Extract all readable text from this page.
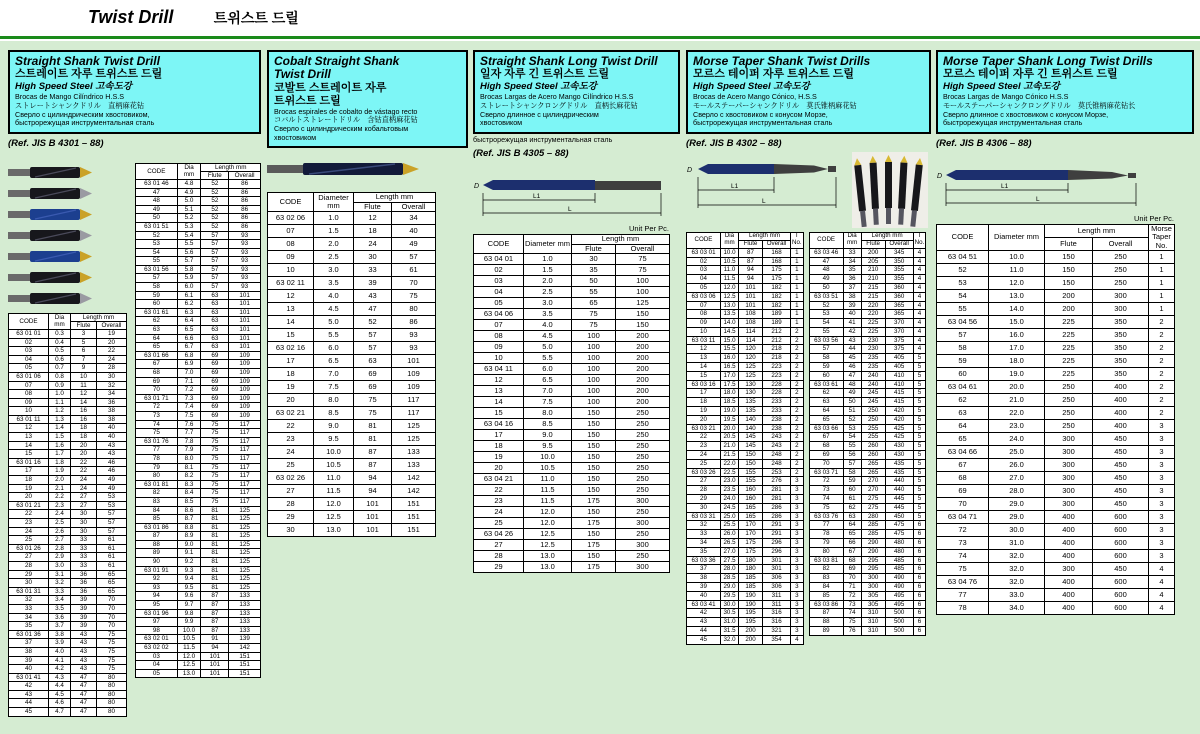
Twist Drill	트위스트 드릴
Straight Shank Twist Drill
스트레이트 자루 트위스트 드릴
High Speed Steel 고속도강
Brocas de Mango Cilíndrico H.S.S
ストレートシャンクドリル　直柄麻花钻
Сверло с цилиндрическим хвостовиком,
быстрорежущая инструментальная сталь
(Ref. JIS B 4301 – 88)
CODE	Dia mm	Length mm	
		Flute	Overall
63 01 46	4.8	52	86
47	4.9	52	86
48	5.0	52	86
49	5.1	52	86
50	5.2	52	86
63 01 51	5.3	52	86
52	5.4	57	93
53	5.5	57	93
54	5.6	57	93
55	5.7	57	93
63 01 56	5.8	57	93
57	5.9	57	93
58	6.0	57	93
59	6.1	63	101
60	6.2	63	101
63 01 61	6.3	63	101
62	6.4	63	101
63	6.5	63	101
64	6.6	63	101
65	6.7	63	101
63 01 66	6.8	69	109
67	6.9	69	109
68	7.0	69	109
69	7.1	69	109
70	7.2	69	109
63 01 71	7.3	69	109
72	7.4	69	109
73	7.5	69	109
74	7.6	75	117
75	7.7	75	117
63 01 76	7.8	75	117
77	7.9	75	117
78	8.0	75	117
79	8.1	75	117
80	8.2	75	117
63 01 81	8.3	75	117
82	8.4	75	117
83	8.5	75	117
84	8.6	81	125
85	8.7	81	125
63 01 86	8.8	81	125
87	8.9	81	125
88	9.0	81	125
89	9.1	81	125
90	9.2	81	125
63 01 91	9.3	81	125
92	9.4	81	125
93	9.5	81	125
94	9.6	87	133
95	9.7	87	133
63 01 96	9.8	87	133
97	9.9	87	133
98	10.0	87	133
63 02 01	10.5	91	139
63 02 02	11.5	94	142
03	12.0	101	151
04	12.5	101	151
05	13.0	101	151
CODE	Dia mm	Length mm	
		Flute	Overall
63 01 01	0.3	3	19
02	0.4	5	20
03	0.5	6	22
04	0.6	7	24
05	0.7	9	28
63 01 06	0.8	10	30
07	0.9	11	32
08	1.0	12	34
09	1.1	14	36
10	1.2	16	38
63 01 11	1.3	16	38
12	1.4	18	40
13	1.5	18	40
14	1.6	20	43
15	1.7	20	43
63 01 16	1.8	22	46
17	1.9	22	46
18	2.0	24	49
19	2.1	24	49
20	2.2	27	53
63 01 21	2.3	27	53
22	2.4	30	57
23	2.5	30	57
24	2.6	30	57
25	2.7	33	61
63 01 26	2.8	33	61
27	2.9	33	61
28	3.0	33	61
29	3.1	36	65
30	3.2	36	65
63 01 31	3.3	36	65
32	3.4	39	70
33	3.5	39	70
34	3.6	39	70
35	3.7	39	70
63 01 36	3.8	43	75
37	3.9	43	75
38	4.0	43	75
39	4.1	43	75
40	4.2	43	75
63 01 41	4.3	47	80
42	4.4	47	80
43	4.5	47	80
44	4.6	47	80
45	4.7	47	80
Cobalt Straight Shank
Twist Drill
코발트 스트레이트 자루
트위스트 드릴
Brocas espirales de cobalto de vástago recto
コバルトストレートドリル　含钴直柄麻花钻
Сверло с цилиндрическим кобальтовым
хвостовиком
CODE	Diameter mm	Length mm	
		Flute	Overall
63 02 06	1.0	12	34
07	1.5	18	40
08	2.0	24	49
09	2.5	30	57
10	3.0	33	61
63 02 11	3.5	39	70
12	4.0	43	75
13	4.5	47	80
14	5.0	52	86
15	5.5	57	93
63 02 16	6.0	57	93
17	6.5	63	101
18	7.0	69	109
19	7.5	69	109
20	8.0	75	117
63 02 21	8.5	75	117
22	9.0	81	125
23	9.5	81	125
24	10.0	87	133
25	10.5	87	133
63 02 26	11.0	94	142
27	11.5	94	142
28	12.0	101	151
29	12.5	101	151
30	13.0	101	151
Straight Shank Long Twist Drill
일자 자루 긴 트위스트 드릴
High Speed Steel 고속도강
Brocas Largas de Acero Mango Cilíndrico H.S.S
ストレートシャンクロングドリル　直柄长麻花钻
Сверло длинное с цилиндрическим
хвостовиком
быстрорежущая инструментальная сталь
(Ref. JIS B 4305 – 88)
D
L1
L
Unit Per Pc.
CODE	Diameter mm	Length mm	
		Flute	Overall
63 04 01	1.0	30	75
02	1.5	35	75
03	2.0	50	100
04	2.5	55	100
05	3.0	65	125
63 04 06	3.5	75	150
07	4.0	75	150
08	4.5	100	200
09	5.0	100	200
10	5.5	100	200
63 04 11	6.0	100	200
12	6.5	100	200
13	7.0	100	200
14	7.5	100	200
15	8.0	150	250
63 04 16	8.5	150	250
17	9.0	150	250
18	9.5	150	250
19	10.0	150	250
20	10.5	150	250
63 04 21	11.0	150	250
22	11.5	150	250
23	11.5	175	300
24	12.0	150	250
25	12.0	175	300
63 04 26	12.5	150	250
27	12.5	175	300
28	13.0	150	250
29	13.0	175	300
Morse Taper Shank Twist Drills
모르스 테이퍼 자루 트위스트 드릴
High Speed Steel 고속도강
Brocas de Acero Mango Cónico, H.S.S
モールステーパーシャンクドリル　莫氏锥柄麻花钻
Сверло с хвостовиком с конусом Морзе,
быстрорежущая инструментальная сталь
(Ref. JIS B 4302 – 88)
D
L1
L
CODE	Dia mm	Length mm		T No.
		Flute	Overall	
63 03 01	10.0	87	168	1
02	10.5	87	168	1
03	11.0	94	175	1
04	11.5	94	175	1
05	12.0	101	182	1
63 03 06	12.5	101	182	1
07	13.0	101	182	1
08	13.5	108	189	1
09	14.0	108	189	1
10	14.5	114	212	2
63 03 11	15.0	114	212	2
12	15.5	120	218	2
13	16.0	120	218	2
14	16.5	125	223	2
15	17.0	125	223	2
63 03 16	17.5	130	228	2
17	18.0	130	228	2
18	18.5	135	233	2
19	19.0	135	233	2
20	19.5	140	238	2
63 03 21	20.0	140	238	2
22	20.5	145	243	2
23	21.0	145	243	2
24	21.5	150	248	2
25	22.0	150	248	2
63 03 26	22.5	155	253	2
27	23.0	155	276	3
28	23.5	160	281	3
29	24.0	160	281	3
30	24.5	165	286	3
63 03 31	25.0	165	286	3
32	25.5	170	291	3
33	26.0	170	291	3
34	26.5	175	296	3
35	27.0	175	296	3
63 03 36	27.5	180	301	3
37	28.0	180	301	3
38	28.5	185	306	3
39	29.0	185	306	3
40	29.5	190	311	3
63 03 41	30.0	190	311	3
42	30.5	195	316	3
43	31.0	195	316	3
44	31.5	200	321	3
45	32.0	200	354	4
CODE	Dia mm	Length mm		T No.
		Flute	Overall	
63 03 46	33	200	345	4
47	34	205	350	4
48	35	210	355	4
49	36	210	355	4
50	37	215	360	4
63 03 51	38	215	360	4
52	39	220	365	4
53	40	220	365	4
54	41	225	370	4
55	42	225	370	4
63 03 56	43	230	375	4
57	44	230	375	4
58	45	235	405	5
59	46	235	405	5
60	47	240	410	5
63 03 61	48	240	410	5
62	49	245	415	5
63	50	245	415	5
64	51	250	420	5
65	52	250	420	5
63 03 66	53	255	425	5
67	54	255	425	5
68	55	260	430	5
69	56	260	430	5
70	57	265	435	5
63 03 71	58	265	435	5
72	59	270	440	5
73	60	270	440	5
74	61	275	445	5
75	62	275	445	5
63 03 76	63	280	450	5
77	64	285	475	6
78	65	285	475	6
79	66	290	480	6
80	67	290	480	6
63 03 81	68	295	485	6
82	69	295	485	6
83	70	300	490	6
84	71	300	490	6
85	72	305	495	6
63 03 86	73	305	495	6
87	74	310	500	6
88	75	310	500	6
89	76	310	500	6
Morse Taper Shank Long Twist Drills
모르스 테이퍼 자루 긴 트위스트 드릴
High Speed Steel 고속도강
Brocas Largas de Mango Cónico H.S.S
モールステーパーシャンクロングドリル　莫氏锥柄麻花钻长
Сверло длинное с хвостовиком с конусом Морзе,
быстрорежущая инструментальная сталь
(Ref. JIS B 4306 – 88)
D
L1
L
Unit Per Pc.
CODE	Diameter mm	Length mm		Morse Taper No.
		Flute	Overall	
63 04 51	10.0	150	250	1
52	11.0	150	250	1
53	12.0	150	250	1
54	13.0	200	300	1
55	14.0	200	300	1
63 04 56	15.0	225	350	2
57	16.0	225	350	2
58	17.0	225	350	2
59	18.0	225	350	2
60	19.0	225	350	2
63 04 61	20.0	250	400	2
62	21.0	250	400	2
63	22.0	250	400	2
64	23.0	250	400	3
65	24.0	300	450	3
63 04 66	25.0	300	450	3
67	26.0	300	450	3
68	27.0	300	450	3
69	28.0	300	450	3
70	29.0	300	450	3
63 04 71	29.0	400	600	3
72	30.0	400	600	3
73	31.0	400	600	3
74	32.0	400	600	3
75	32.0	300	450	4
63 04 76	32.0	400	600	4
77	33.0	400	600	4
78	34.0	400	600	4
